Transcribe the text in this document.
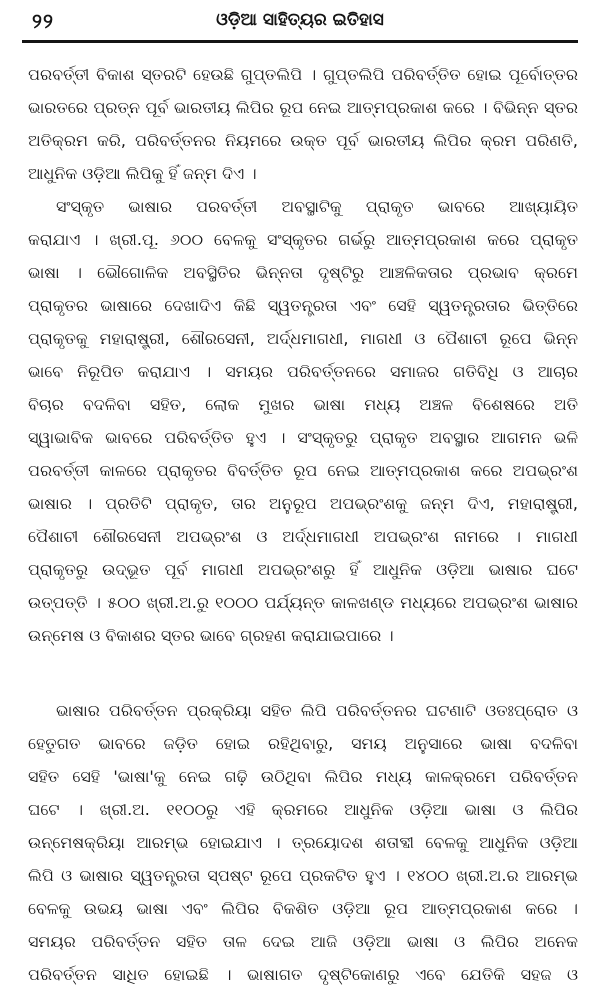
୨୨	ଓଡ଼ିଆ ସାହିତ୍ୟର ଇତିହାସ
ପରବର୍ତ୍ତୀ ବିକାଶ ସ୍ତରଟି ହେଉଛି ଗୁପ୍ତଲିପି । ଗୁପ୍ତଲିପି ପରିବର୍ତ୍ତିତ ହୋଇ ପୂର୍ବୋତ୍ତର
ଭାରତରେ ପ୍ରତ୍ନ ପୂର୍ବ ଭାରତୀୟ ଲିପିର ରୂପ ନେଇ ଆତ୍ମପ୍ରକାଶ କରେ । ବିଭିନ୍ନ ସ୍ତର
ଅତିକ୍ରମ କରି, ପରିବର୍ତ୍ତନର ନିୟମରେ ଉକ୍ତ ପୂର୍ବ ଭାରତୀୟ ଲିପିର କ୍ରମ ପରିଣତି,
ଆଧୁନିକ ଓଡ଼ିଆ ଲିପିକୁ ହିଁ ଜନ୍ମ ଦିଏ ।
ସଂସ୍କୃତ ଭାଷାର ପରବର୍ତ୍ତୀ ଅବସ୍ଥାଟିକୁ ପ୍ରାକୃତ ଭାବରେ ଆଖ୍ୟାୟିତ
କରାଯାଏ । ଖ୍ରୀ.ପୂ. ୬୦୦ ବେଳକୁ ସଂସ୍କୃତର ଗର୍ଭରୁ ଆତ୍ମପ୍ରକାଶ କରେ ପ୍ରାକୃତ
ଭାଷା । ଭୌଗୋଳିକ ଅବସ୍ଥିତିର ଭିନ୍ନତା ଦୃଷ୍ଟିରୁ ଆଞ୍ଚଳିକତାର ପ୍ରଭାବ କ୍ରମେ
ପ୍ରାକୃତର ଭାଷାରେ ଦେଖାଦିଏ କିଛି ସ୍ୱତନ୍ତ୍ରତା ଏବଂ ସେହି ସ୍ୱତନ୍ତ୍ରତାର ଭିତ୍ତିରେ
ପ୍ରାକୃତକୁ ମହାରାଷ୍ଟ୍ରୀ, ଶୌରସେନୀ, ଅର୍ଦ୍ଧମାଗଧୀ, ମାଗଧୀ ଓ ପୈଶାଚୀ ରୂପେ ଭିନ୍ନ
ଭାବେ ନିରୂପିତ କରାଯାଏ । ସମୟର ପରିବର୍ତ୍ତନରେ ସମାଜର ଗତିବିଧି ଓ ଆଚାର
ବିଚାର ବଦଳିବା ସହିତ, ଲୋକ ମୁଖର ଭାଷା ମଧ୍ୟ ଅଞ୍ଚଳ ବିଶେଷରେ ଅତି
ସ୍ୱାଭାବିକ ଭାବରେ ପରିବର୍ତ୍ତିତ ହୁଏ । ସଂସ୍କୃତରୁ ପ୍ରାକୃତ ଅବସ୍ଥାର ଆଗମନ ଭଳି
ପରବର୍ତ୍ତୀ କାଳରେ ପ୍ରାକୃତର ବିବର୍ତ୍ତିତ ରୂପ ନେଇ ଆତ୍ମପ୍ରକାଶ କରେ ଅପଭ୍ରଂଶ
ଭାଷାର । ପ୍ରତିଟି ପ୍ରାକୃତ, ତାର ଅନୁରୂପ ଅପଭ୍ରଂଶକୁ ଜନ୍ମ ଦିଏ, ମହାରାଷ୍ଟ୍ରୀ,
ପୈଶାଚୀ ଶୌରସେନୀ ଅପଭ୍ରଂଶ ଓ ଅର୍ଦ୍ଧମାଗଧୀ ଅପଭ୍ରଂଶ ନାମରେ । ମାଗଧୀ
ପ୍ରାକୃତରୁ ଉଦ୍ଭୂତ ପୂର୍ବ ମାଗଧୀ ଅପଭ୍ରଂଶରୁ ହିଁ ଆଧୁନିକ ଓଡ଼ିଆ ଭାଷାର ଘଟେ
ଉତ୍ପତ୍ତି । ୫୦୦ ଖ୍ରୀ.ଅ.ରୁ ୧୦୦୦ ପର୍ଯ୍ୟନ୍ତ କାଳଖଣ୍ଡ ମଧ୍ୟରେ ଅପଭ୍ରଂଶ ଭାଷାର
ଉନ୍ମେଷ ଓ ବିକାଶର ସ୍ତର ଭାବେ ଗ୍ରହଣ କରାଯାଇପାରେ ।
ଭାଷାର ପରିବର୍ତ୍ତନ ପ୍ରକ୍ରିୟା ସହିତ ଲିପି ପରିବର୍ତ୍ତନର ଘଟଣାଟି ଓତଃପ୍ରୋତ ଓ
ହେତୁଗତ ଭାବରେ ଜଡ଼ିତ ହୋଇ ରହିଥିବାରୁ, ସମୟ ଅନୁସାରେ ଭାଷା ବଦଳିବା
ସହିତ ସେହି 'ଭାଷା'କୁ ନେଇ ଗଢ଼ି ଉଠିଥିବା ଲିପିର ମଧ୍ୟ କାଳକ୍ରମେ ପରିବର୍ତ୍ତନ
ଘଟେ । ଖ୍ରୀ.ଅ. ୧୧୦୦ରୁ ଏହି କ୍ରମରେ ଆଧୁନିକ ଓଡ଼ିଆ ଭାଷା ଓ ଲିପିର
ଉନ୍ମେଷକ୍ରିୟା ଆରମ୍ଭ ହୋଇଯାଏ । ତ୍ରୟୋଦଶ ଶତାବ୍ଦୀ ବେଳକୁ ଆଧୁନିକ ଓଡ଼ିଆ
ଲିପି ଓ ଭାଷାର ସ୍ୱତନ୍ତ୍ରତା ସ୍ପଷ୍ଟ ରୂପେ ପ୍ରକଟିତ ହୁଏ । ୧୪୦୦ ଖ୍ରୀ.ଅ.ର ଆରମ୍ଭ
ବେଳକୁ ଉଭୟ ଭାଷା ଏବଂ ଲିପିର ବିକଶିତ ଓଡ଼ିଆ ରୂପ ଆତ୍ମପ୍ରକାଶ କରେ ।
ସମୟର ପରିବର୍ତ୍ତନ ସହିତ ତାଳ ଦେଇ ଆଜି ଓଡ଼ିଆ ଭାଷା ଓ ଲିପିର ଅନେକ
ପରିବର୍ତ୍ତନ ସାଧିତ ହୋଇଛି । ଭାଷାଗତ ଦୃଷ୍ଟିକୋଣରୁ ଏବେ ଯେତିକି ସହଜ ଓ
